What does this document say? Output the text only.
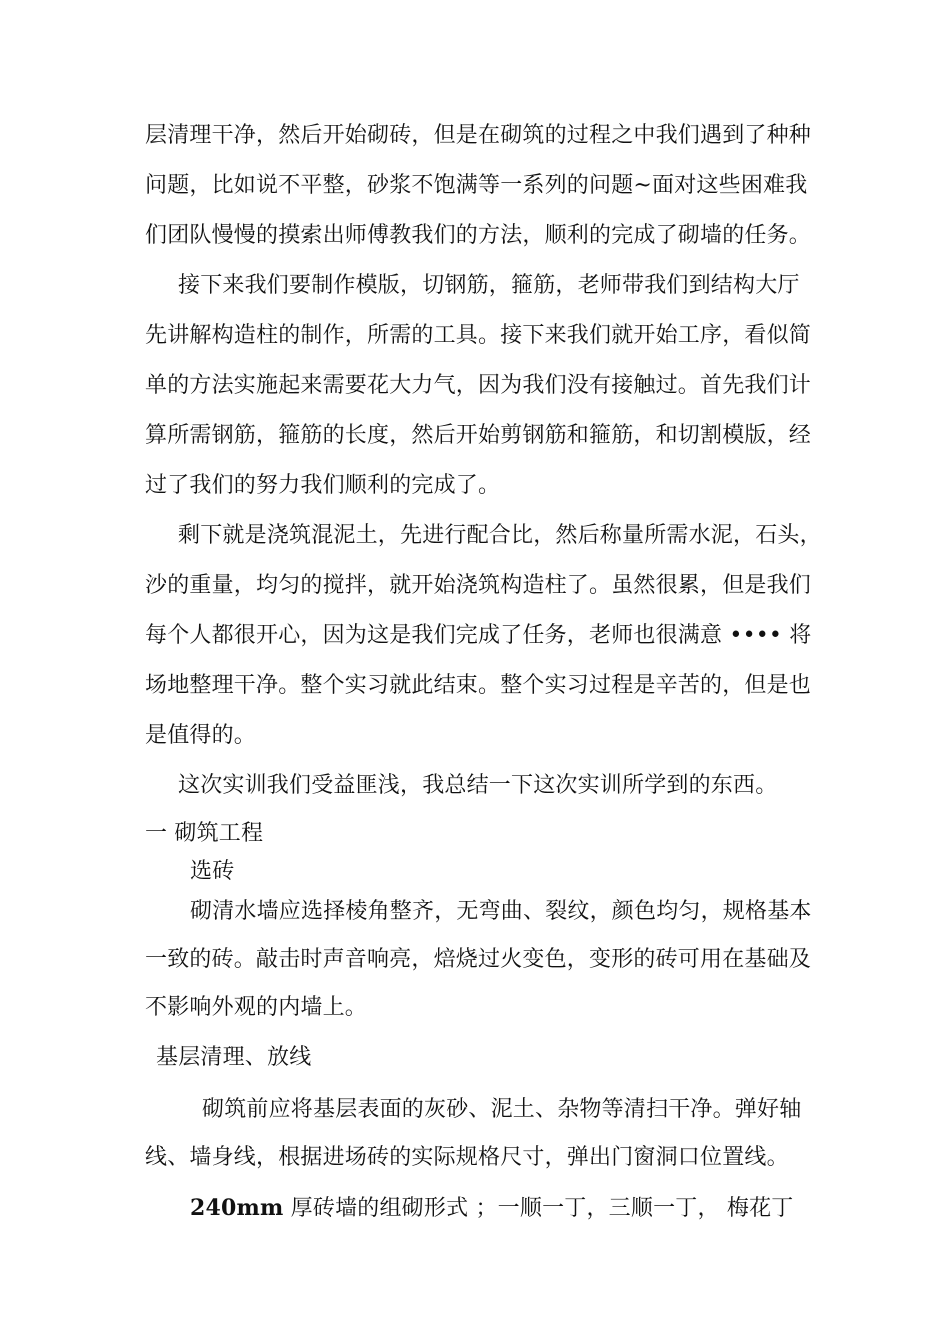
层清理干净，然后开始砌砖，但是在砌筑的过程之中我们遇到了种种
问题，比如说不平整，砂浆不饱满等一系列的问题~面对这些困难我
们团队慢慢的摸索出师傅教我们的方法，顺利的完成了砌墙的任务。
接下来我们要制作模版，切钢筋，箍筋，老师带我们到结构大厅
先讲解构造柱的制作，所需的工具。接下来我们就开始工序，看似简
单的方法实施起来需要花大力气，因为我们没有接触过。首先我们计
算所需钢筋，箍筋的长度，然后开始剪钢筋和箍筋，和切割模版，经
过了我们的努力我们顺利的完成了。
剩下就是浇筑混泥土，先进行配合比，然后称量所需水泥，石头，
沙的重量，均匀的搅拌，就开始浇筑构造柱了。虽然很累，但是我们
每个人都很开心，因为这是我们完成了任务，老师也很满意 •••• 将
场地整理干净。整个实习就此结束。整个实习过程是辛苦的，但是也
是值得的。
这次实训我们受益匪浅，我总结一下这次实训所学到的东西。
一 砌筑工程
选砖
砌清水墙应选择棱角整齐，无弯曲、裂纹，颜色均匀，规格基本
一致的砖。敲击时声音响亮，焙烧过火变色，变形的砖可用在基础及
不影响外观的内墙上。
基层清理、放线
砌筑前应将基层表面的灰砂、泥土、杂物等清扫干净。弹好轴
线、墙身线，根据进场砖的实际规格尺寸，弹出门窗洞口位置线。
240mm 厚砖墙的组砌形式 ；一顺一丁，三顺一丁， 梅花丁
